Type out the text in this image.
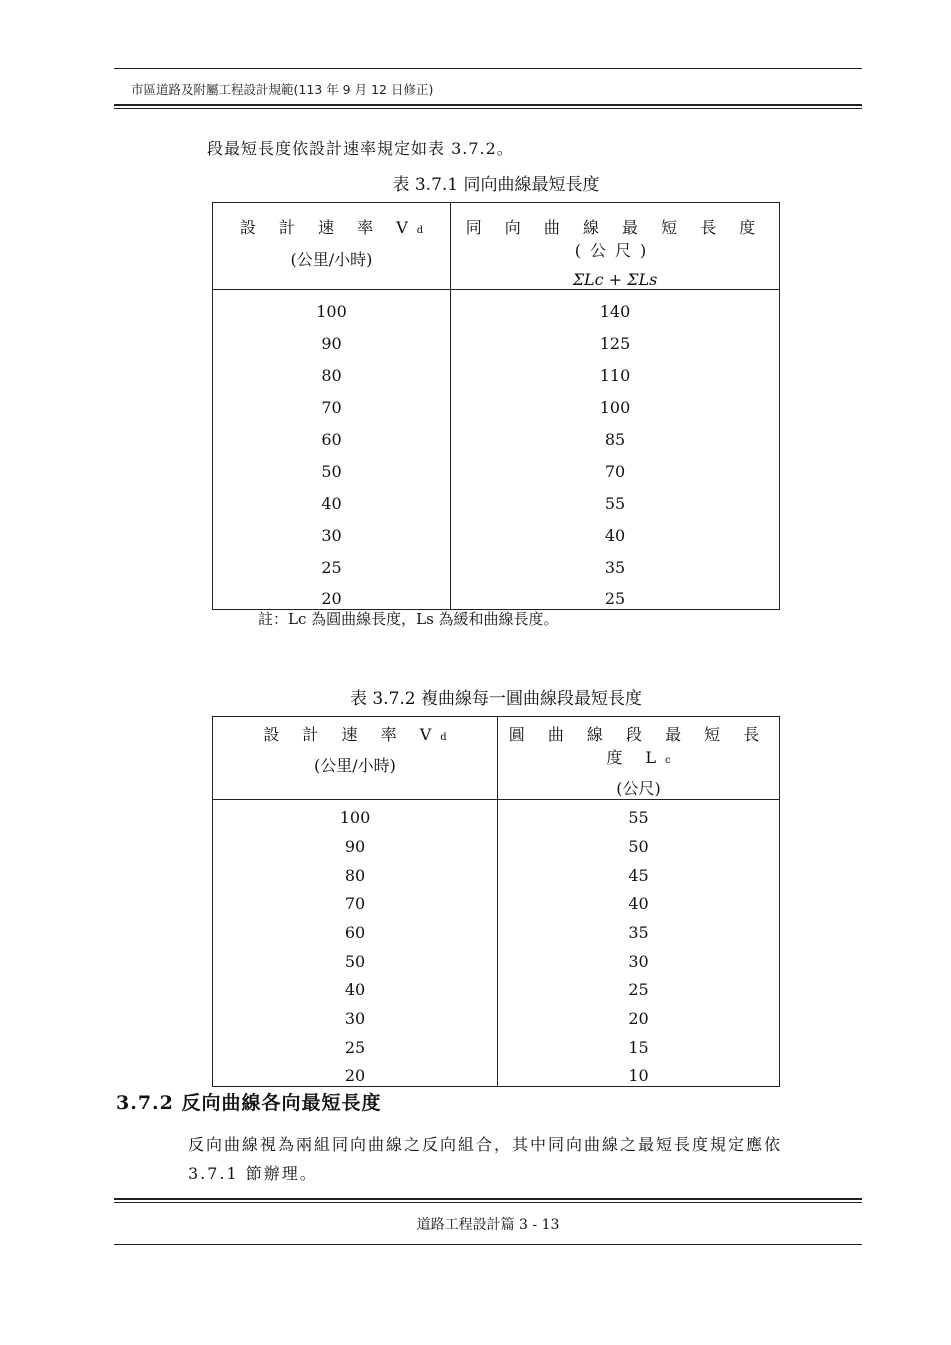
市區道路及附屬工程設計規範(113 年 9 月 12 日修正)
段最短長度依設計速率規定如表 3.7.2。
表 3.7.1 同向曲線最短長度
設 計 速 率 Vd
(公里/小時)	同 向 曲 線 最 短 長 度 (公尺)
ΣLc + ΣLs

100	140
90	125
80	110
70	100
60	85
50	70
40	55
30	40
25	35
20	25
註：Lc 為圓曲線長度，Ls 為緩和曲線長度。
表 3.7.2 複曲線每一圓曲線段最短長度
設 計 速 率 Vd
(公里/小時)	圓 曲 線 段 最 短 長 度 Lc
(公尺)

100	55
90	50
80	45
70	40
60	35
50	30
40	25
30	20
25	15
20	10
3.7.2 反向曲線各向最短長度
反向曲線視為兩組同向曲線之反向組合，其中同向曲線之最短長度規定應依
3.7.1 節辦理。
道路工程設計篇 3 - 13
